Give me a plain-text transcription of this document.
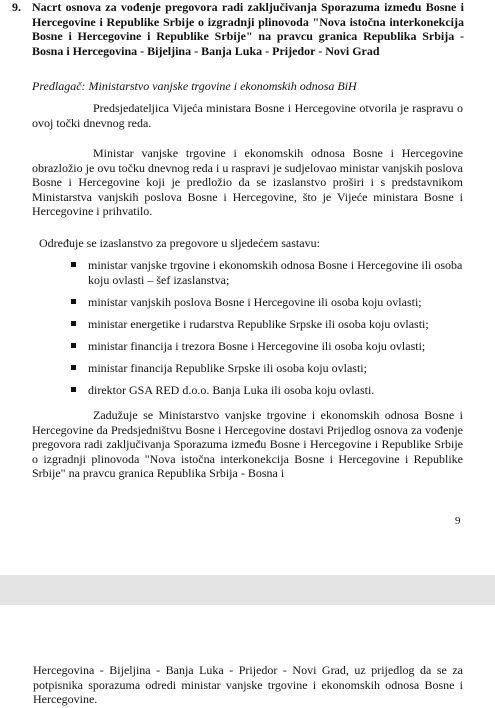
9. Nacrt osnova za vođenje pregovora radi zaključivanja Sporazuma između Bosne i Hercegovine i Republike Srbije o izgradnji plinovoda "Nova istočna interkonekcija Bosne i Hercegovine i Republike Srbije" na pravcu granica Republika Srbija - Bosna i Hercegovina - Bijeljina - Banja Luka - Prijedor - Novi Grad
Predlagač: Ministarstvo vanjske trgovine i ekonomskih odnosa BiH

Predsjedateljica Vijeća ministara Bosne i Hercegovine otvorila je raspravu o ovoj točki dnevnog reda.

Ministar vanjske trgovine i ekonomskih odnosa Bosne i Hercegovine obrazložio je ovu točku dnevnog reda i u raspravi je sudjelovao ministar vanjskih poslova Bosne i Hercegovine koji je predložio da se izaslanstvo proširi i s predstavnikom Ministarstva vanjskih poslova Bosne i Hercegovine, što je Vijeće ministara Bosne i Hercegovine i prihvatilo.

Određuje se izaslanstvo za pregovore u sljedećem sastavu:

ministar vanjske trgovine i ekonomskih odnosa Bosne i Hercegovine ili osoba koju ovlasti – šef izaslanstva;
ministar vanjskih poslova Bosne i Hercegovine ili osoba koju ovlasti;
ministar energetike i rudarstva Republike Srpske ili osoba koju ovlasti;
ministar financija i trezora Bosne i Hercegovine ili osoba koju ovlasti;
ministar financija Republike Srpske ili osoba koju ovlasti;
direktor GSA RED d.o.o. Banja Luka ili osoba koju ovlasti.

Zadužuje se Ministarstvo vanjske trgovine i ekonomskih odnosa Bosne i Hercegovine da Predsjedništvu Bosne i Hercegovine dostavi Prijedlog osnova za vođenje pregovora radi zaključivanja Sporazuma između Bosne i Hercegovine i Republike Srbije o izgradnji plinovoda "Nova istočna interkonekcija Bosne i Hercegovine i Republike Srbije" na pravcu granica Republika Srbija - Bosna i

9

Hercegovina - Bijeljina - Banja Luka - Prijedor - Novi Grad, uz prijedlog da se za potpisnika sporazuma odredi ministar vanjske trgovine i ekonomskih odnosa Bosne i Hercegovine.
